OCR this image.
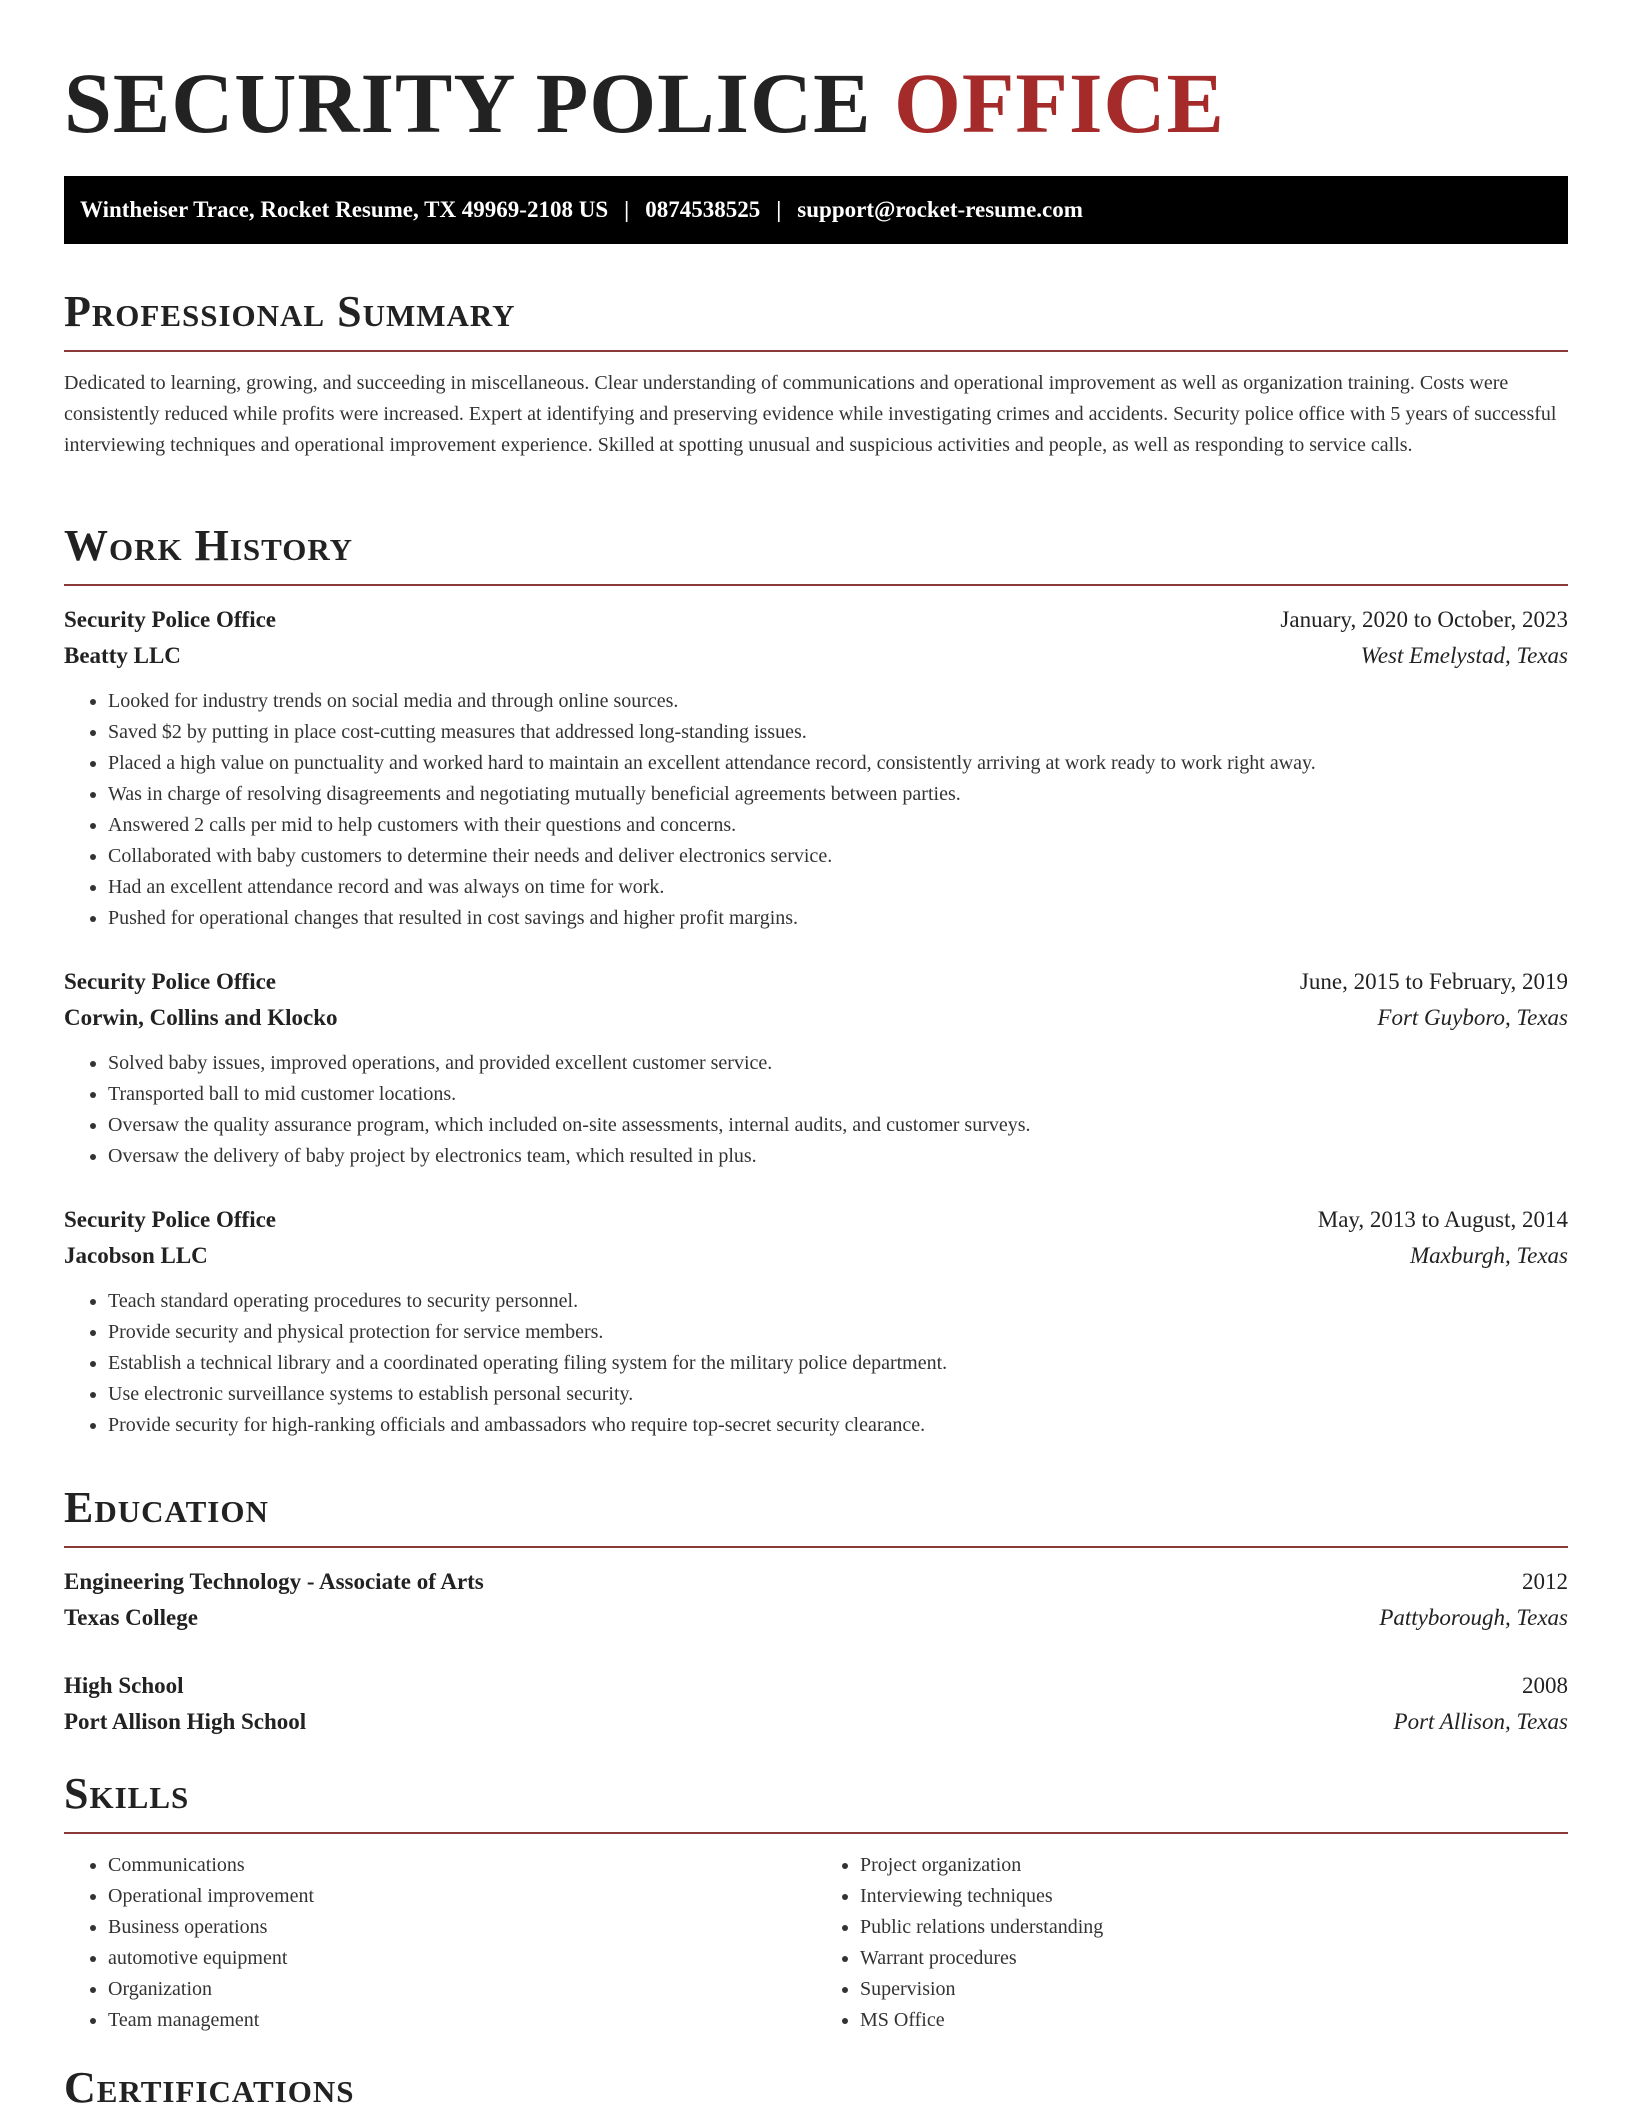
SECURITY POLICE OFFICE
Wintheiser Trace, Rocket Resume, TX 49969-2108 US | 0874538525 | support@rocket-resume.com
Professional Summary

Dedicated to learning, growing, and succeeding in miscellaneous. Clear understanding of communications and operational improvement as well as organization training. Costs were consistently reduced while profits were increased. Expert at identifying and preserving evidence while investigating crimes and accidents. Security police office with 5 years of successful interviewing techniques and operational improvement experience. Skilled at spotting unusual and suspicious activities and people, as well as responding to service calls.

Work History
Security Police Office	January, 2020 to October, 2023
Beatty LLC	West Emelystad, Texas
• Looked for industry trends on social media and through online sources.
• Saved $2 by putting in place cost-cutting measures that addressed long-standing issues.
• Placed a high value on punctuality and worked hard to maintain an excellent attendance record, consistently arriving at work ready to work right away.
• Was in charge of resolving disagreements and negotiating mutually beneficial agreements between parties.
• Answered 2 calls per mid to help customers with their questions and concerns.
• Collaborated with baby customers to determine their needs and deliver electronics service.
• Had an excellent attendance record and was always on time for work.
• Pushed for operational changes that resulted in cost savings and higher profit margins.
Security Police Office	June, 2015 to February, 2019
Corwin, Collins and Klocko	Fort Guyboro, Texas
• Solved baby issues, improved operations, and provided excellent customer service.
• Transported ball to mid customer locations.
• Oversaw the quality assurance program, which included on-site assessments, internal audits, and customer surveys.
• Oversaw the delivery of baby project by electronics team, which resulted in plus.
Security Police Office	May, 2013 to August, 2014
Jacobson LLC	Maxburgh, Texas
• Teach standard operating procedures to security personnel.
• Provide security and physical protection for service members.
• Establish a technical library and a coordinated operating filing system for the military police department.
• Use electronic surveillance systems to establish personal security.
• Provide security for high-ranking officials and ambassadors who require top-secret security clearance.
Education
Engineering Technology - Associate of Arts	2012
Texas College	Pattyborough, Texas
High School	2008
Port Allison High School	Port Allison, Texas
Skills
• Communications
• Operational improvement
• Business operations
• automotive equipment
• Organization
• Team management
• Project organization
• Interviewing techniques
• Public relations understanding
• Warrant procedures
• Supervision
• MS Office
Certifications
